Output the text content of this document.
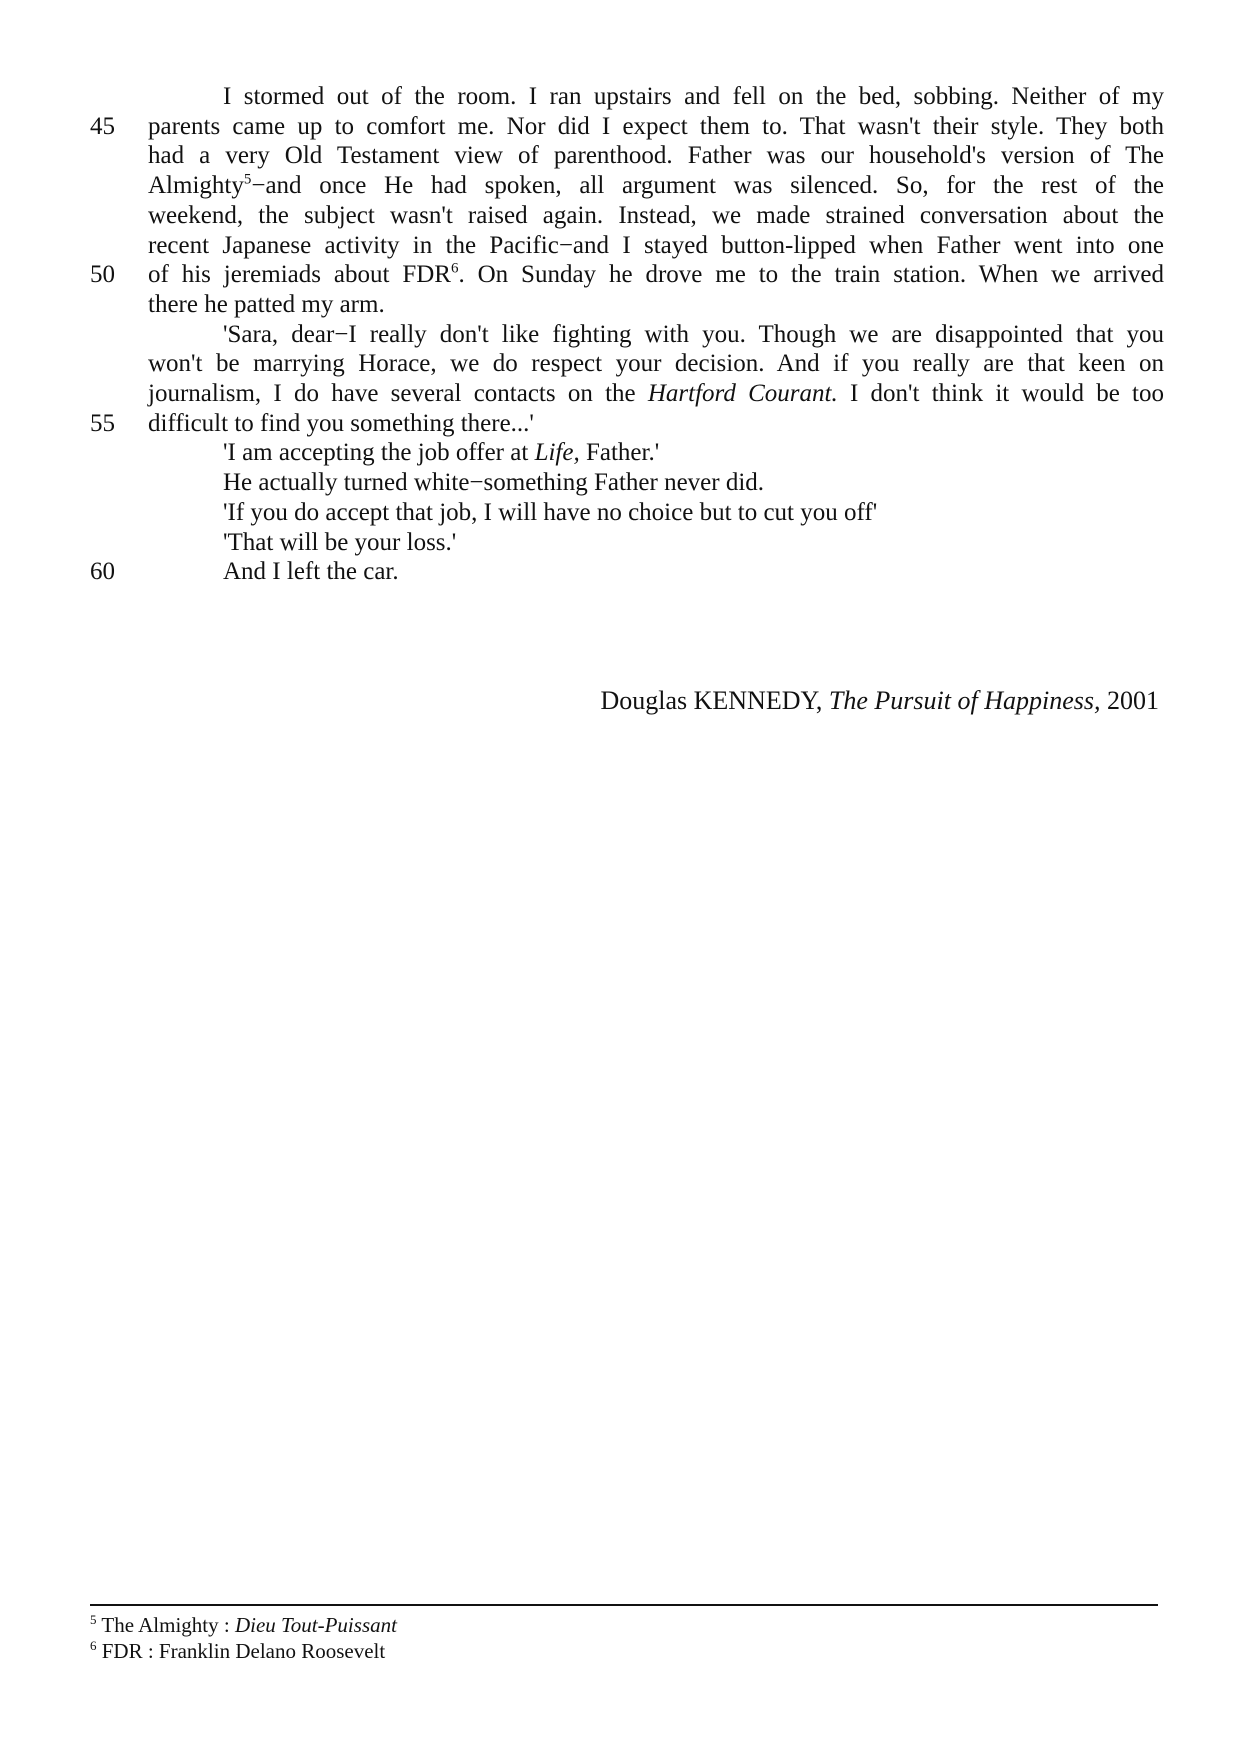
I stormed out of the room. I ran upstairs and fell on the bed, sobbing. Neither of my
45 parents came up to comfort me. Nor did I expect them to. That wasn't their style. They both
had a very Old Testament view of parenthood. Father was our household's version of The
Almighty$^5$−and once He had spoken, all argument was silenced. So, for the rest of the
weekend, the subject wasn't raised again. Instead, we made strained conversation about the
recent Japanese activity in the Pacific−and I stayed button-lipped when Father went into one
50 of his jeremiads about FDR$^6$. On Sunday he drove me to the train station. When we arrived
there he patted my arm.
'Sara, dear−I really don't like fighting with you. Though we are disappointed that you
won't be marrying Horace, we do respect your decision. And if you really are that keen on
journalism, I do have several contacts on the Hartford Courant. I don't think it would be too
55 difficult to find you something there...'
'I am accepting the job offer at Life, Father.'
He actually turned white−something Father never did.
'If you do accept that job, I will have no choice but to cut you off'
'That will be your loss.'
60	And I left the car.
Douglas KENNEDY, The Pursuit of Happiness, 2001
$^5$ The Almighty : Dieu Tout-Puissant
$^6$ FDR : Franklin Delano Roosevelt
